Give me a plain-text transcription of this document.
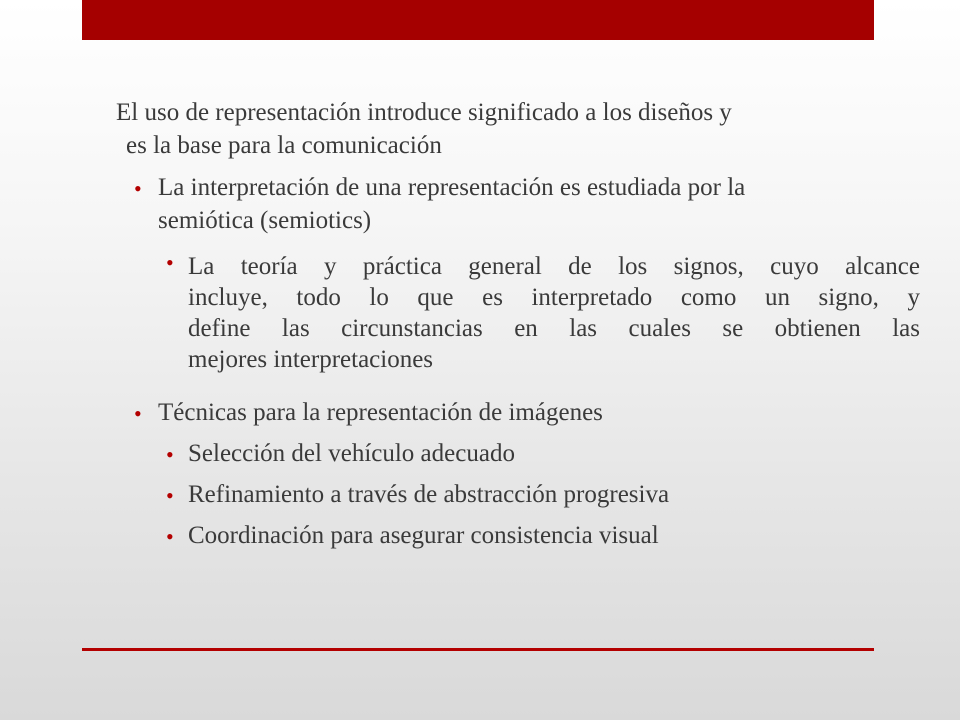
El uso de representación introduce significado a los diseños y
es la base para la comunicación
• La interpretación de una representación es estudiada por la
semiótica (semiotics)
• La teoría y práctica general de los signos, cuyo alcance
incluye, todo lo que es interpretado como un signo, y
define las circunstancias en las cuales se obtienen las
mejores interpretaciones
• Técnicas para la representación de imágenes
• Selección del vehículo adecuado
• Refinamiento a través de abstracción progresiva
• Coordinación para asegurar consistencia visual
